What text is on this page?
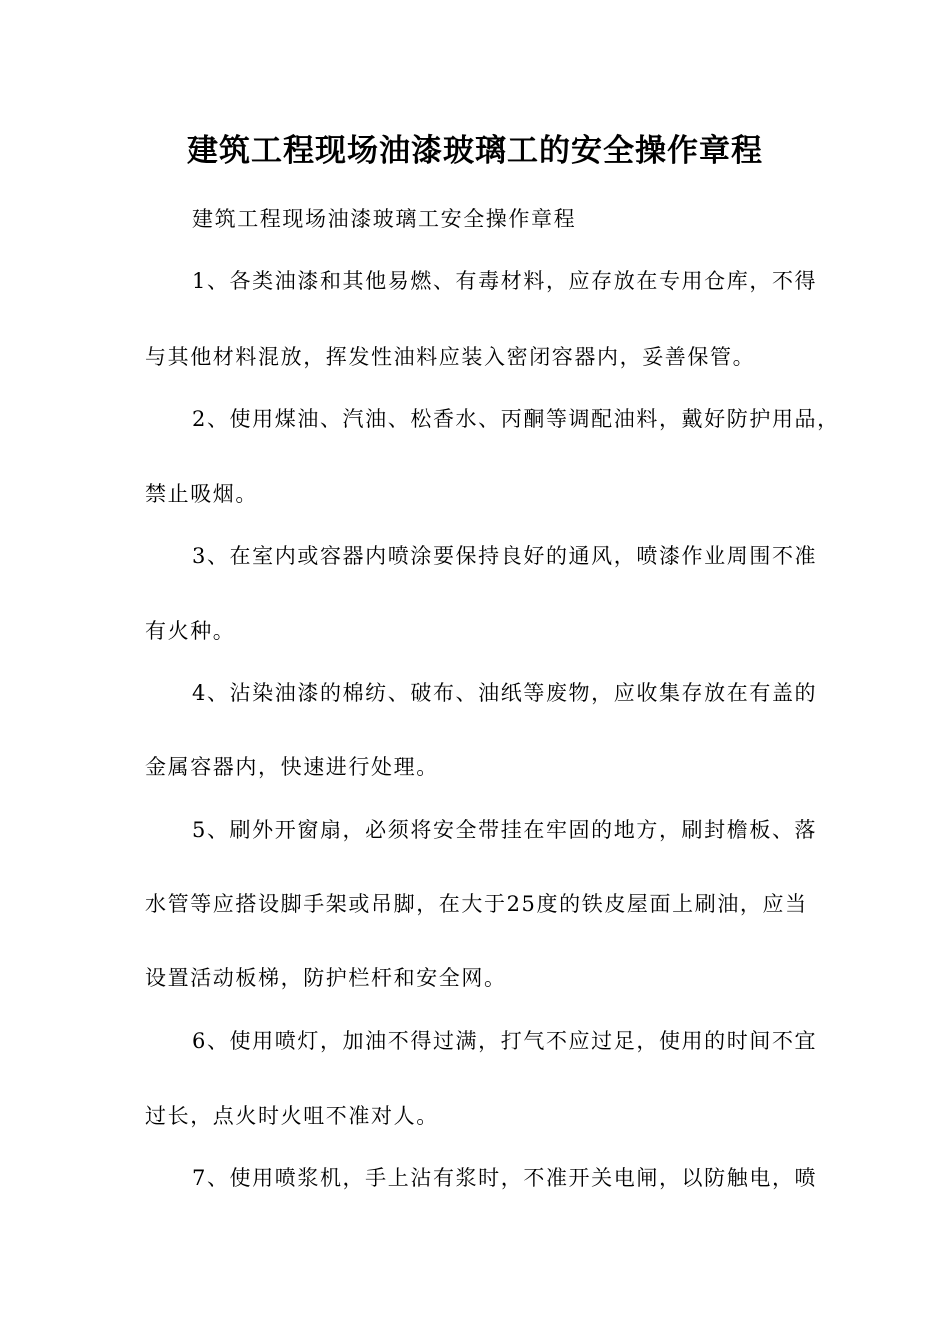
建筑工程现场油漆玻璃工的安全操作章程
建筑工程现场油漆玻璃工安全操作章程
1、各类油漆和其他易燃、有毒材料，应存放在专用仓库，不得
与其他材料混放，挥发性油料应装入密闭容器内，妥善保管。
2、使用煤油、汽油、松香水、丙酮等调配油料，戴好防护用品，
禁止吸烟。
3、在室内或容器内喷涂要保持良好的通风，喷漆作业周围不准
有火种。
4、沾染油漆的棉纺、破布、油纸等废物，应收集存放在有盖的
金属容器内，快速进行处理。
5、刷外开窗扇，必须将安全带挂在牢固的地方，刷封檐板、落
水管等应搭设脚手架或吊脚，在大于25度的铁皮屋面上刷油，应当
设置活动板梯，防护栏杆和安全网。
6、使用喷灯，加油不得过满，打气不应过足，使用的时间不宜
过长，点火时火咀不准对人。
7、使用喷浆机，手上沾有浆时，不准开关电闸，以防触电，喷
